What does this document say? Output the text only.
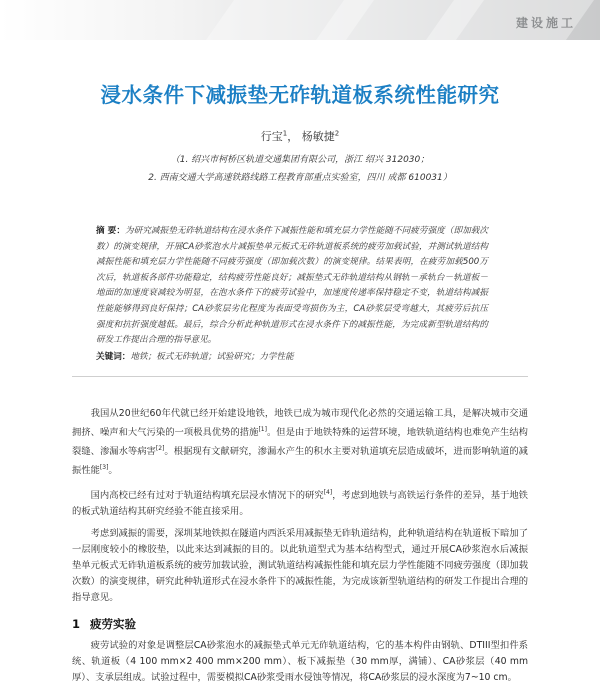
建设施工
浸水条件下减振垫无砟轨道板系统性能研究
行宝$^1$， 杨敏捷$^2$
（1. 绍兴市柯桥区轨道交通集团有限公司，浙江 绍兴 312030；
2. 西南交通大学高速铁路线路工程教育部重点实验室，四川 成都 610031）
摘 要：为研究减振垫无砟轨道结构在浸水条件下减振性能和填充层力学性能随不同疲劳强度（即加载次数）的演变规律，开展CA砂浆泡水片减振垫单元板式无砟轨道板系统的疲劳加载试验，并测试轨道结构减振性能和填充层力学性能随不同疲劳强度（即加载次数）的演变规律。结果表明，在疲劳加载500万次后，轨道板各部件功能稳定，结构疲劳性能良好；减振垫式无砟轨道结构从钢轨－承轨台－轨道板－地面的加速度衰减较为明显，在泡水条件下的疲劳试验中，加速度传递率保持稳定不变，轨道结构减振性能能够得到良好保持；CA砂浆层劣化程度为表面受弯损伤为主，CA砂浆层受弯越大，其疲劳后抗压强度和抗折强度越低。最后，综合分析此种轨道形式在浸水条件下的减振性能，为完成新型轨道结构的研发工作提出合理的指导意见。
关键词：地铁；板式无砟轨道；试验研究；力学性能

我国从20世纪60年代就已经开始建设地铁，地铁已成为城市现代化必然的交通运输工具，是解决城市交通拥挤、噪声和大气污染的一项极具优势的措施[1]。但是由于地铁特殊的运营环境，地铁轨道结构也难免产生结构裂缝、渗漏水等病害[2]。根据现有文献研究，渗漏水产生的积水主要对轨道填充层造成破坏，进而影响轨道的减振性能[3]。

国内高校已经有过对于轨道结构填充层浸水情况下的研究[4]，考虑到地铁与高铁运行条件的差异，基于地铁的板式轨道结构其研究经验不能直接采用。

考虑到减振的需要，深圳某地铁拟在隧道内西浜采用减振垫无砟轨道结构，此种轨道结构在轨道板下暗加了一层刚度较小的橡胶垫，以此来达到减振的目的。以此轨道型式为基本结构型式，通过开展CA砂浆泡水后减振垫单元板式无砟轨道板系统的疲劳加载试验，测试轨道结构减振性能和填充层力学性能随不同疲劳强度（即加载次数）的演变规律，研究此种轨道形式在浸水条件下的减振性能，为完成该新型轨道结构的研发工作提出合理的指导意见。

1 疲劳实验

疲劳试验的对象是调整层CA砂浆泡水的减振垫式单元无砟轨道结构，它的基本构件由钢轨、DTIII型扣件系统、轨道板（4 100 mm×2 400 mm×200 mm）、板下减振垫（30 mm厚，满铺）、CA砂浆层（40 mm厚）、支承层组成。试验过程中，需要模拟CA砂浆受雨水侵蚀等情况，将CA砂浆层的浸水深度为7~10 cm。
